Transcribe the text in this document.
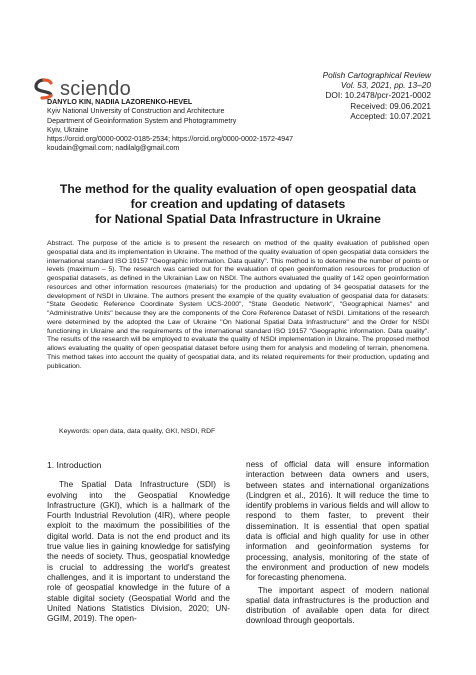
sciendo
Polish Cartographical Review
Vol. 53, 2021, pp. 13–20
DOI: 10.2478/pcr-2021-0002
Received: 09.06.2021
Accepted: 10.07.2021
DANYLO KIN, NADIIA LAZORENKO-HEVEL
Kyiv National University of Construction and Architecture
Department of Geoinformation System and Photogrammetry
Kyiv, Ukraine
https://orcid.org/0000-0002-0185-2534; https://orcid.org/0000-0002-1572-4947
koudain@gmail.com; nadilalg@gmail.com
The method for the quality evaluation of open geospatial data
for creation and updating of datasets
for National Spatial Data Infrastructure in Ukraine
Abstract. The purpose of the article is to present the research on method of the quality evaluation of published open geospatial data and its implementation in Ukraine. The method of the quality evaluation of open geospatial data considers the international standard ISO 19157 "Geographic information. Data quality". This method is to determine the number of points or levels (maximum – 5). The research was carried out for the evaluation of open geoinformation resources for production of geospatial datasets, as defined in the Ukrainian Law on NSDI. The authors evaluated the quality of 142 open geoinformation resources and other information resources (materials) for the production and updating of 34 geospatial datasets for the development of NSDI in Ukraine. The authors present the example of the quality evaluation of geospatial data for datasets: "State Geodetic Reference Coordinate System UCS-2000", "State Geodetic Network", "Geographical Names" and "Administrative Units" because they are the components of the Core Reference Dataset of NSDI. Limitations of the research were determined by the adopted the Law of Ukraine "On National Spatial Data Infrastructure" and the Order for NSDI functioning in Ukraine and the requirements of the international standard ISO 19157 "Geographic information. Data quality". The results of the research will be employed to evaluate the quality of NSDI implementation in Ukraine. The proposed method allows evaluating the quality of open geospatial dataset before using them for analysis and modeling of terrain, phenomena. This method takes into account the quality of geospatial data, and its related requirements for their production, updating and publication.
Keywords: open data, data quality, GKI, NSDI, RDF
1. Introduction

The Spatial Data Infrastructure (SDI) is evolving into the Geospatial Knowledge Infrastructure (GKI), which is a hallmark of the Fourth Industrial Revolution (4IR), where people exploit to the maximum the possibilities of the digital world. Data is not the end product and its true value lies in gaining knowledge for satisfying the needs of society. Thus, geospatial knowledge is crucial to addressing the world's greatest challenges, and it is important to understand the role of geospatial knowledge in the future of a stable digital society (Geospatial World and the United Nations Statistics Division, 2020; UN-GGIM, 2019). The open-

ness of official data will ensure information interaction between data owners and users, between states and international organizations (Lindgren et al., 2016). It will reduce the time to identify problems in various fields and will allow to respond to them faster, to prevent their dissemination. It is essential that open spatial data is official and high quality for use in other information and geoinformation systems for processing, analysis, monitoring of the state of the environment and production of new models for forecasting phenomena.

The important aspect of modern national spatial data infrastructures is the production and distribution of available open data for direct download through geoportals.
